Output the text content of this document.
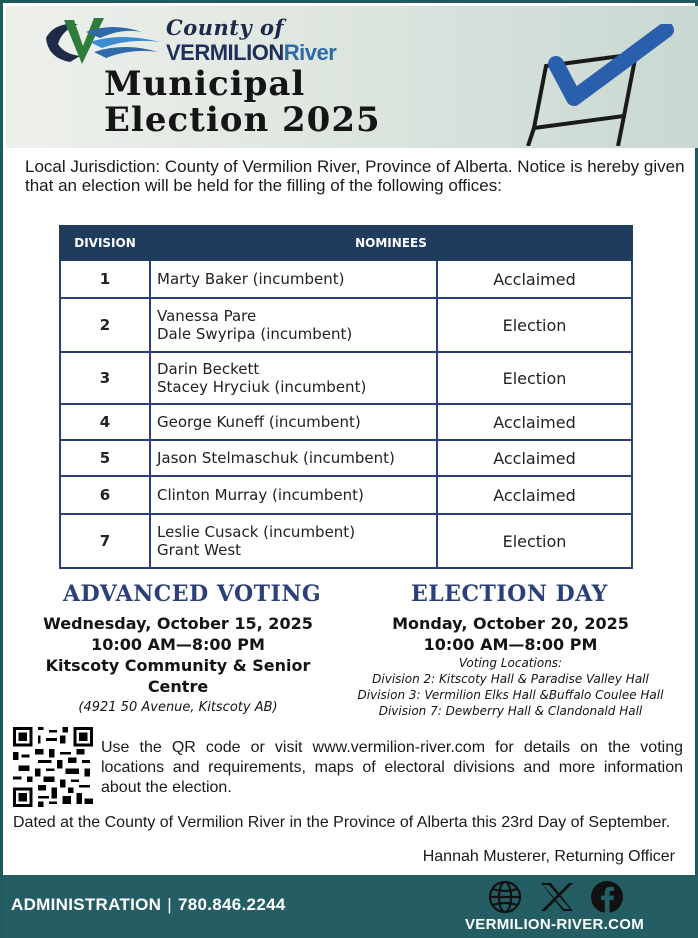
County of
VERMILIONRiver
Municipal
Election 2025

Local Jurisdiction: County of Vermilion River, Province of Alberta. Notice is hereby given that an election will be held for the filling of the following offices:

DIVISION	NOMINEES	
1	Marty Baker (incumbent)	Acclaimed
2	Vanessa Pare
Dale Swyripa (incumbent)	Election
3	Darin Beckett
Stacey Hryciuk (incumbent)	Election
4	George Kuneff (incumbent)	Acclaimed
5	Jason Stelmaschuk (incumbent)	Acclaimed
6	Clinton Murray (incumbent)	Acclaimed
7	Leslie Cusack (incumbent)
Grant West	Election
ADVANCED VOTING	ELECTION DAY
Wednesday, October 15, 2025
10:00 AM—8:00 PM
Kitscoty Community & Senior Centre
(4921 50 Avenue, Kitscoty AB)
Monday, October 20, 2025
10:00 AM—8:00 PM
Voting Locations:
Division 2: Kitscoty Hall & Paradise Valley Hall
Division 3: Vermilion Elks Hall &Buffalo Coulee Hall
Division 7: Dewberry Hall & Clandonald Hall

Use the QR code or visit www.vermilion-river.com for details on the voting locations and requirements, maps of electoral divisions and more information about the election.

Dated at the County of Vermilion River in the Province of Alberta this 23rd Day of September.

Hannah Musterer, Returning Officer
ADMINISTRATION | 780.846.2244
VERMILION-RIVER.COM
